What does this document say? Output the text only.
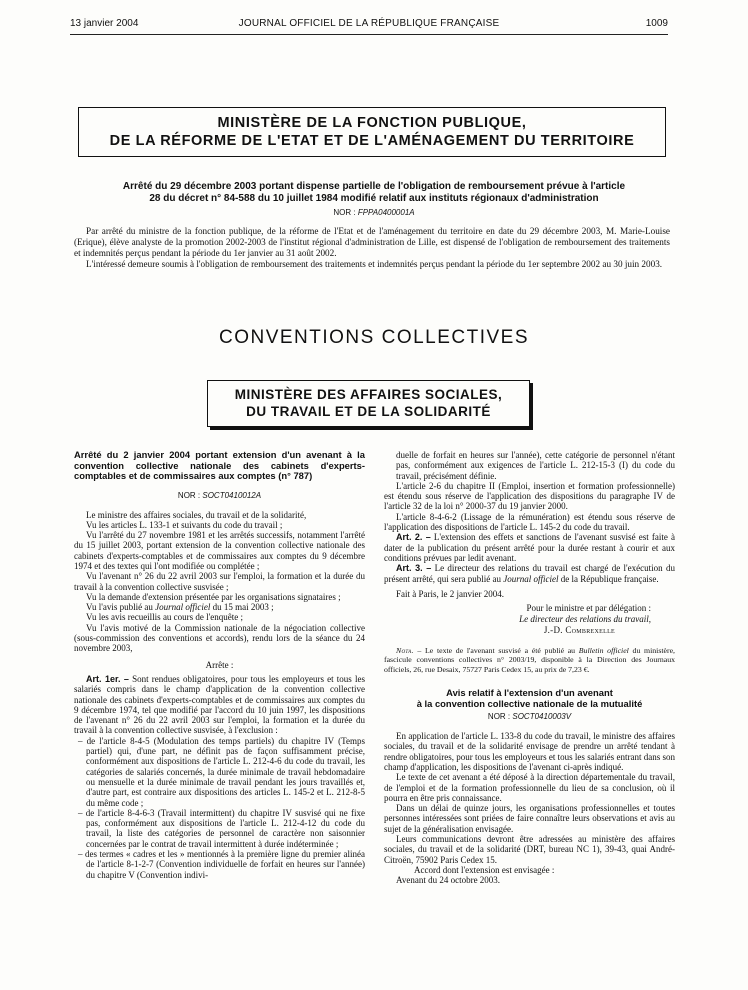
13 janvier 2004	JOURNAL OFFICIEL DE LA RÉPUBLIQUE FRANÇAISE	1009
MINISTÈRE DE LA FONCTION PUBLIQUE,
DE LA RÉFORME DE L'ETAT ET DE L'AMÉNAGEMENT DU TERRITOIRE
Arrêté du 29 décembre 2003 portant dispense partielle de l'obligation de remboursement prévue à l'article 28 du décret n° 84-588 du 10 juillet 1984 modifié relatif aux instituts régionaux d'administration
NOR : FPPA0400001A

Par arrêté du ministre de la fonction publique, de la réforme de l'Etat et de l'aménagement du territoire en date du 29 décembre 2003, M. Marie-Louise (Erique), élève analyste de la promotion 2002-2003 de l'institut régional d'administration de Lille, est dispensé de l'obligation de remboursement des traitements et indemnités perçus pendant la période du 1er janvier au 31 août 2002.

L'intéressé demeure soumis à l'obligation de remboursement des traitements et indemnités perçus pendant la période du 1er septembre 2002 au 30 juin 2003.

CONVENTIONS COLLECTIVES
MINISTÈRE DES AFFAIRES SOCIALES,
DU TRAVAIL ET DE LA SOLIDARITÉ

Arrêté du 2 janvier 2004 portant extension d'un avenant à la convention collective nationale des cabinets d'experts-comptables et de commissaires aux comptes (n° 787)

NOR : SOCT0410012A

Le ministre des affaires sociales, du travail et de la solidarité,

Vu les articles L. 133-1 et suivants du code du travail ;

Vu l'arrêté du 27 novembre 1981 et les arrêtés successifs, notamment l'arrêté du 15 juillet 2003, portant extension de la convention collective nationale des cabinets d'experts-comptables et de commissaires aux comptes du 9 décembre 1974 et des textes qui l'ont modifiée ou complétée ;

Vu l'avenant n° 26 du 22 avril 2003 sur l'emploi, la formation et la durée du travail à la convention collective susvisée ;

Vu la demande d'extension présentée par les organisations signataires ;

Vu l'avis publié au Journal officiel du 15 mai 2003 ;

Vu les avis recueillis au cours de l'enquête ;

Vu l'avis motivé de la Commission nationale de la négociation collective (sous-commission des conventions et accords), rendu lors de la séance du 24 novembre 2003,

Arrête :

Art. 1er. – Sont rendues obligatoires, pour tous les employeurs et tous les salariés compris dans le champ d'application de la convention collective nationale des cabinets d'experts-comptables et de commissaires aux comptes du 9 décembre 1974, tel que modifié par l'accord du 10 juin 1997, les dispositions de l'avenant n° 26 du 22 avril 2003 sur l'emploi, la formation et la durée du travail à la convention collective susvisée, à l'exclusion :

– de l'article 8-4-5 (Modulation des temps partiels) du chapitre IV (Temps partiel) qui, d'une part, ne définit pas de façon suffisamment précise, conformément aux dispositions de l'article L. 212-4-6 du code du travail, les catégories de salariés concernés, la durée minimale de travail hebdomadaire ou mensuelle et la durée minimale de travail pendant les jours travaillés et, d'autre part, est contraire aux dispositions des articles L. 145-2 et L. 212-8-5 du même code ;

– de l'article 8-4-6-3 (Travail intermittent) du chapitre IV susvisé qui ne fixe pas, conformément aux dispositions de l'article L. 212-4-12 du code du travail, la liste des catégories de personnel de caractère non saisonnier concernées par le contrat de travail intermittent à durée indéterminée ;

– des termes « cadres et les » mentionnés à la première ligne du premier alinéa de l'article 8-1-2-7 (Convention individuelle de forfait en heures sur l'année) du chapitre V (Convention indivi-

duelle de forfait en heures sur l'année), cette catégorie de personnel n'étant pas, conformément aux exigences de l'article L. 212-15-3 (I) du code du travail, précisément définie.

L'article 2-6 du chapitre II (Emploi, insertion et formation professionnelle) est étendu sous réserve de l'application des dispositions du paragraphe IV de l'article 32 de la loi n° 2000-37 du 19 janvier 2000.

L'article 8-4-6-2 (Lissage de la rémunération) est étendu sous réserve de l'application des dispositions de l'article L. 145-2 du code du travail.

Art. 2. – L'extension des effets et sanctions de l'avenant susvisé est faite à dater de la publication du présent arrêté pour la durée restant à courir et aux conditions prévues par ledit avenant.

Art. 3. – Le directeur des relations du travail est chargé de l'exécution du présent arrêté, qui sera publié au Journal officiel de la République française.

Fait à Paris, le 2 janvier 2004.

Pour le ministre et par délégation :

Le directeur des relations du travail,

J.-D. Combrexelle

Nota. – Le texte de l'avenant susvisé a été publié au Bulletin officiel du ministère, fascicule conventions collectives n° 2003/19, disponible à la Direction des Journaux officiels, 26, rue Desaix, 75727 Paris Cedex 15, au prix de 7,23 €.

Avis relatif à l'extension d'un avenant
à la convention collective nationale de la mutualité
NOR : SOCT0410003V

En application de l'article L. 133-8 du code du travail, le ministre des affaires sociales, du travail et de la solidarité envisage de prendre un arrêté tendant à rendre obligatoires, pour tous les employeurs et tous les salariés entrant dans son champ d'application, les dispositions de l'avenant ci-après indiqué.

Le texte de cet avenant a été déposé à la direction départementale du travail, de l'emploi et de la formation professionnelle du lieu de sa conclusion, où il pourra en être pris connaissance.

Dans un délai de quinze jours, les organisations professionnelles et toutes personnes intéressées sont priées de faire connaître leurs observations et avis au sujet de la généralisation envisagée.

Leurs communications devront être adressées au ministère des affaires sociales, du travail et de la solidarité (DRT, bureau NC 1), 39-43, quai André-Citroën, 75902 Paris Cedex 15.

Accord dont l'extension est envisagée :

Avenant du 24 octobre 2003.
